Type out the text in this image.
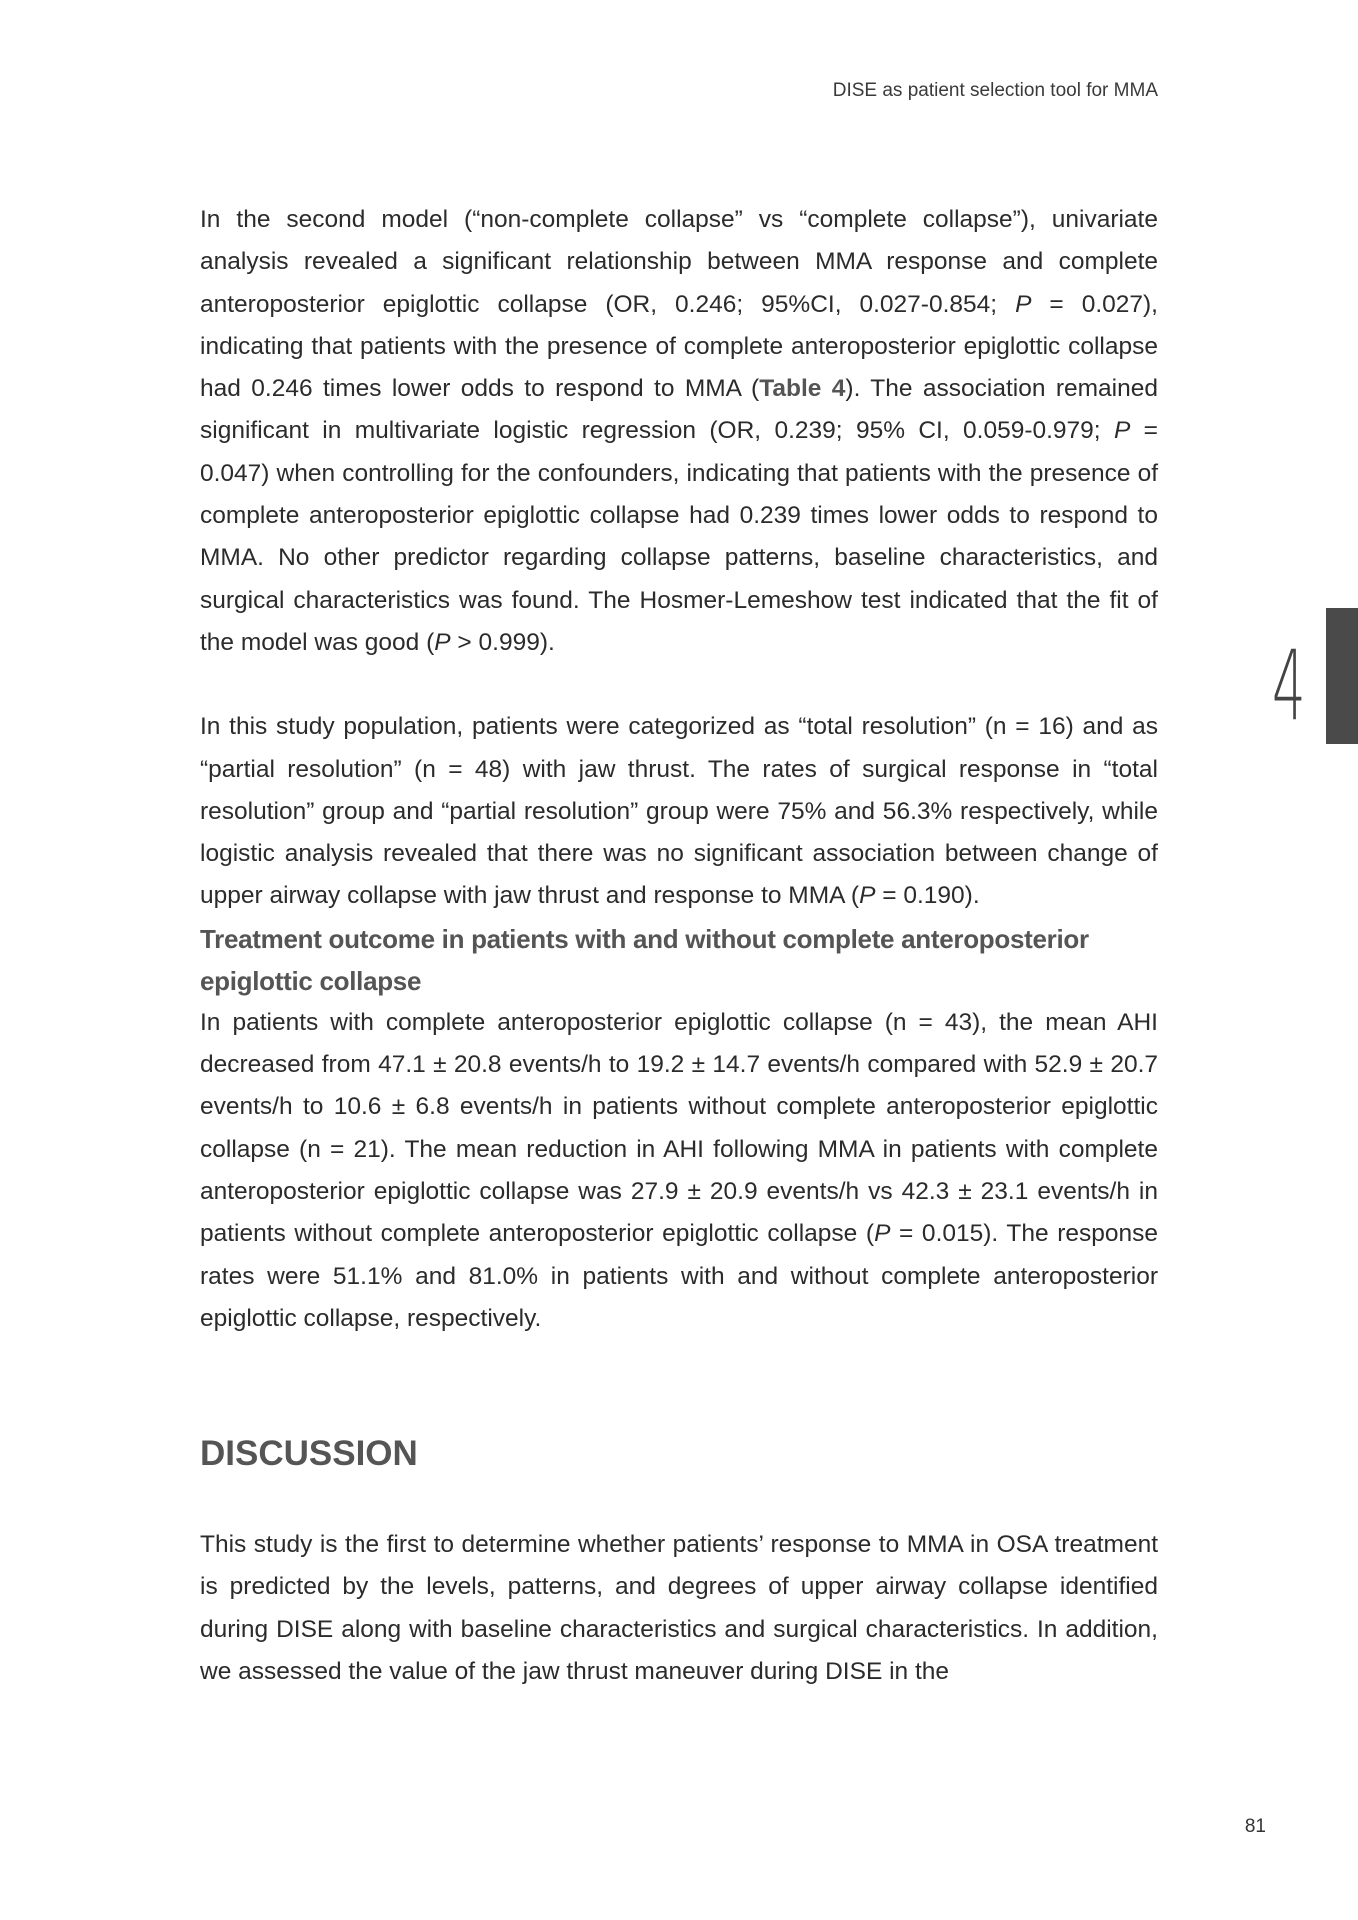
DISE as patient selection tool for MMA

In the second model (“non-complete collapse” vs “complete collapse”), univariate analysis revealed a significant relationship between MMA response and complete anteroposterior epiglottic collapse (OR, 0.246; 95%CI, 0.027-0.854; P = 0.027), indicating that patients with the presence of complete anteroposterior epiglottic collapse had 0.246 times lower odds to respond to MMA (Table 4). The association remained significant in multivariate logistic regression (OR, 0.239; 95% CI, 0.059-0.979; P = 0.047) when controlling for the confounders, indicating that patients with the presence of complete anteroposterior epiglottic collapse had 0.239 times lower odds to respond to MMA. No other predictor regarding collapse patterns, baseline characteristics, and surgical characteristics was found. The Hosmer-Lemeshow test indicated that the fit of the model was good (P > 0.999).

In this study population, patients were categorized as “total resolution” (n = 16) and as “partial resolution” (n = 48) with jaw thrust. The rates of surgical response in “total resolution” group and “partial resolution” group were 75% and 56.3% respectively, while logistic analysis revealed that there was no significant association between change of upper airway collapse with jaw thrust and response to MMA (P = 0.190).

Treatment outcome in patients with and without complete anteroposterior epiglottic collapse

In patients with complete anteroposterior epiglottic collapse (n = 43), the mean AHI decreased from 47.1 ± 20.8 events/h to 19.2 ± 14.7 events/h compared with 52.9 ± 20.7 events/h to 10.6 ± 6.8 events/h in patients without complete anteroposterior epiglottic collapse (n = 21). The mean reduction in AHI following MMA in patients with complete anteroposterior epiglottic collapse was 27.9 ± 20.9 events/h vs 42.3 ± 23.1 events/h in patients without complete anteroposterior epiglottic collapse (P = 0.015). The response rates were 51.1% and 81.0% in patients with and without complete anteroposterior epiglottic collapse, respectively.

DISCUSSION

This study is the first to determine whether patients’ response to MMA in OSA treatment is predicted by the levels, patterns, and degrees of upper airway collapse identified during DISE along with baseline characteristics and surgical characteristics. In addition, we assessed the value of the jaw thrust maneuver during DISE in the

4
81
